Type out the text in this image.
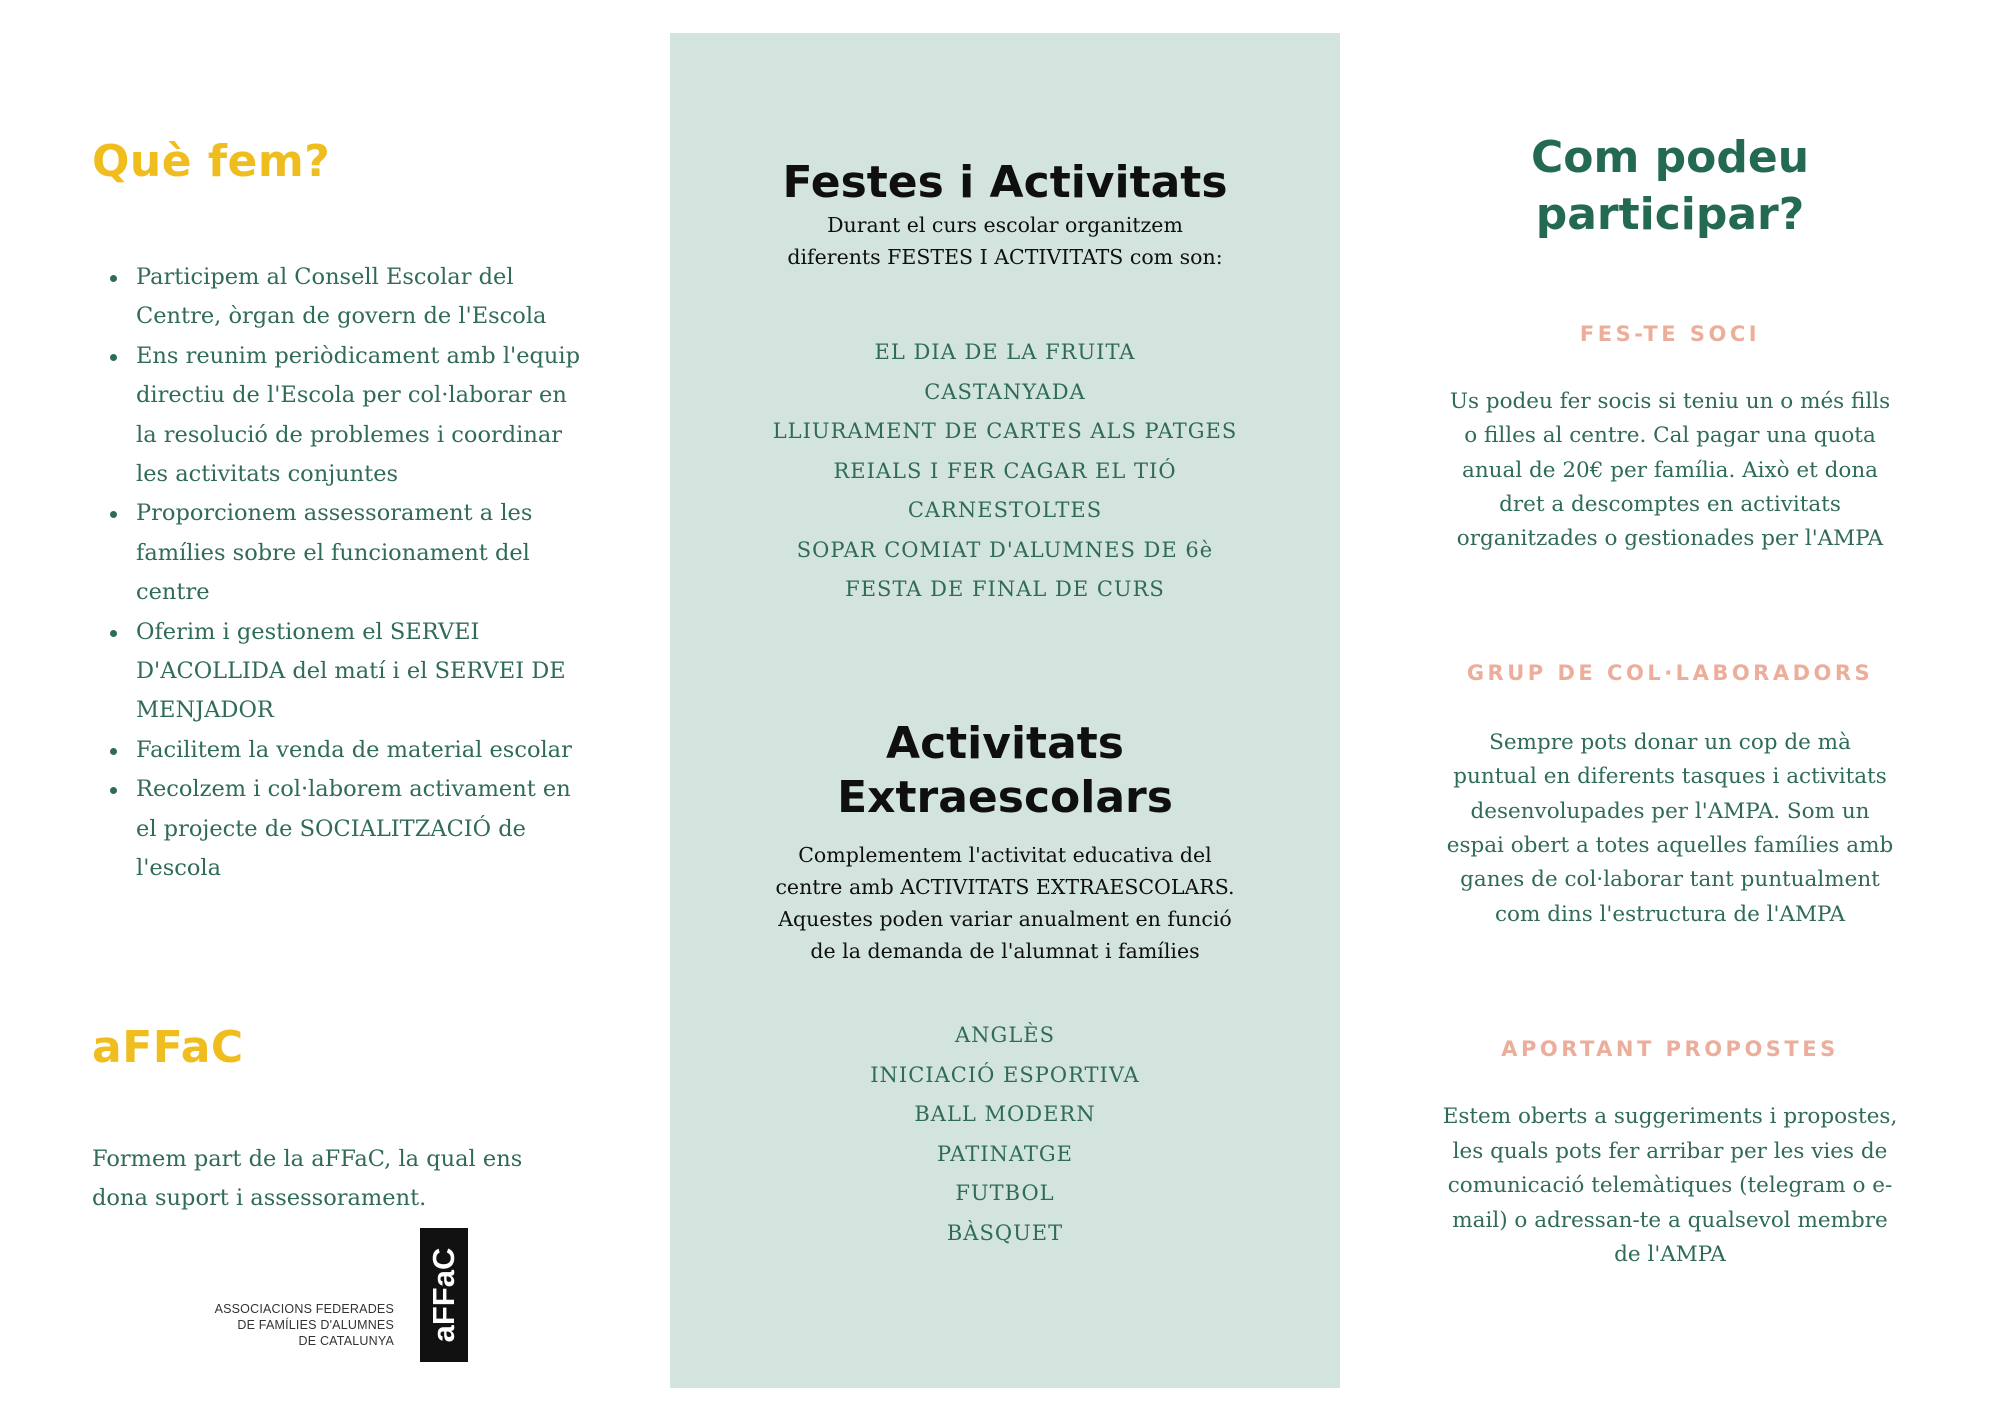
Què fem?
Participem al Consell Escolar del Centre, òrgan de govern de l'Escola
Ens reunim periòdicament amb l'equip directiu de l'Escola per col·laborar en la resolució de problemes i coordinar les activitats conjuntes
Proporcionem assessorament a les famílies sobre el funcionament del centre
Oferim i gestionem el SERVEI D'ACOLLIDA del matí i el SERVEI DE MENJADOR
Facilitem la venda de material escolar
Recolzem i col·laborem activament en el projecte de SOCIALITZACIÓ de l'escola
aFFaC

Formem part de la aFFaC, la qual ens dona suport i assessorament.

ASSOCIACIONS FEDERADES
DE FAMÍLIES D'ALUMNES
DE CATALUNYA aFFaC
Festes i Activitats

Durant el curs escolar organitzem

diferents FESTES I ACTIVITATS com son:

EL DIA DE LA FRUITA
CASTANYADA
LLIURAMENT DE CARTES ALS PATGES
REIALS I FER CAGAR EL TIÓ
CARNESTOLTES
SOPAR COMIAT D'ALUMNES DE 6è
FESTA DE FINAL DE CURS
Activitats
Extraescolars

Complementem l'activitat educativa del

centre amb ACTIVITATS EXTRAESCOLARS.

Aquestes poden variar anualment en funció

de la demanda de l'alumnat i famílies

ANGLÈS
INICIACIÓ ESPORTIVA
BALL MODERN
PATINATGE
FUTBOL
BÀSQUET
Com podeu
participar?
FES-TE SOCI

Us podeu fer socis si teniu un o més fills

o filles al centre. Cal pagar una quota

anual de 20€ per família. Això et dona

dret a descomptes en activitats

organitzades o gestionades per l'AMPA

GRUP DE COL·LABORADORS

Sempre pots donar un cop de mà

puntual en diferents tasques i activitats

desenvolupades per l'AMPA. Som un

espai obert a totes aquelles famílies amb

ganes de col·laborar tant puntualment

com dins l'estructura de l'AMPA

APORTANT PROPOSTES

Estem oberts a suggeriments i propostes,

les quals pots fer arribar per les vies de

comunicació telemàtiques (telegram o e-

mail) o adressan-te a qualsevol membre

de l'AMPA
